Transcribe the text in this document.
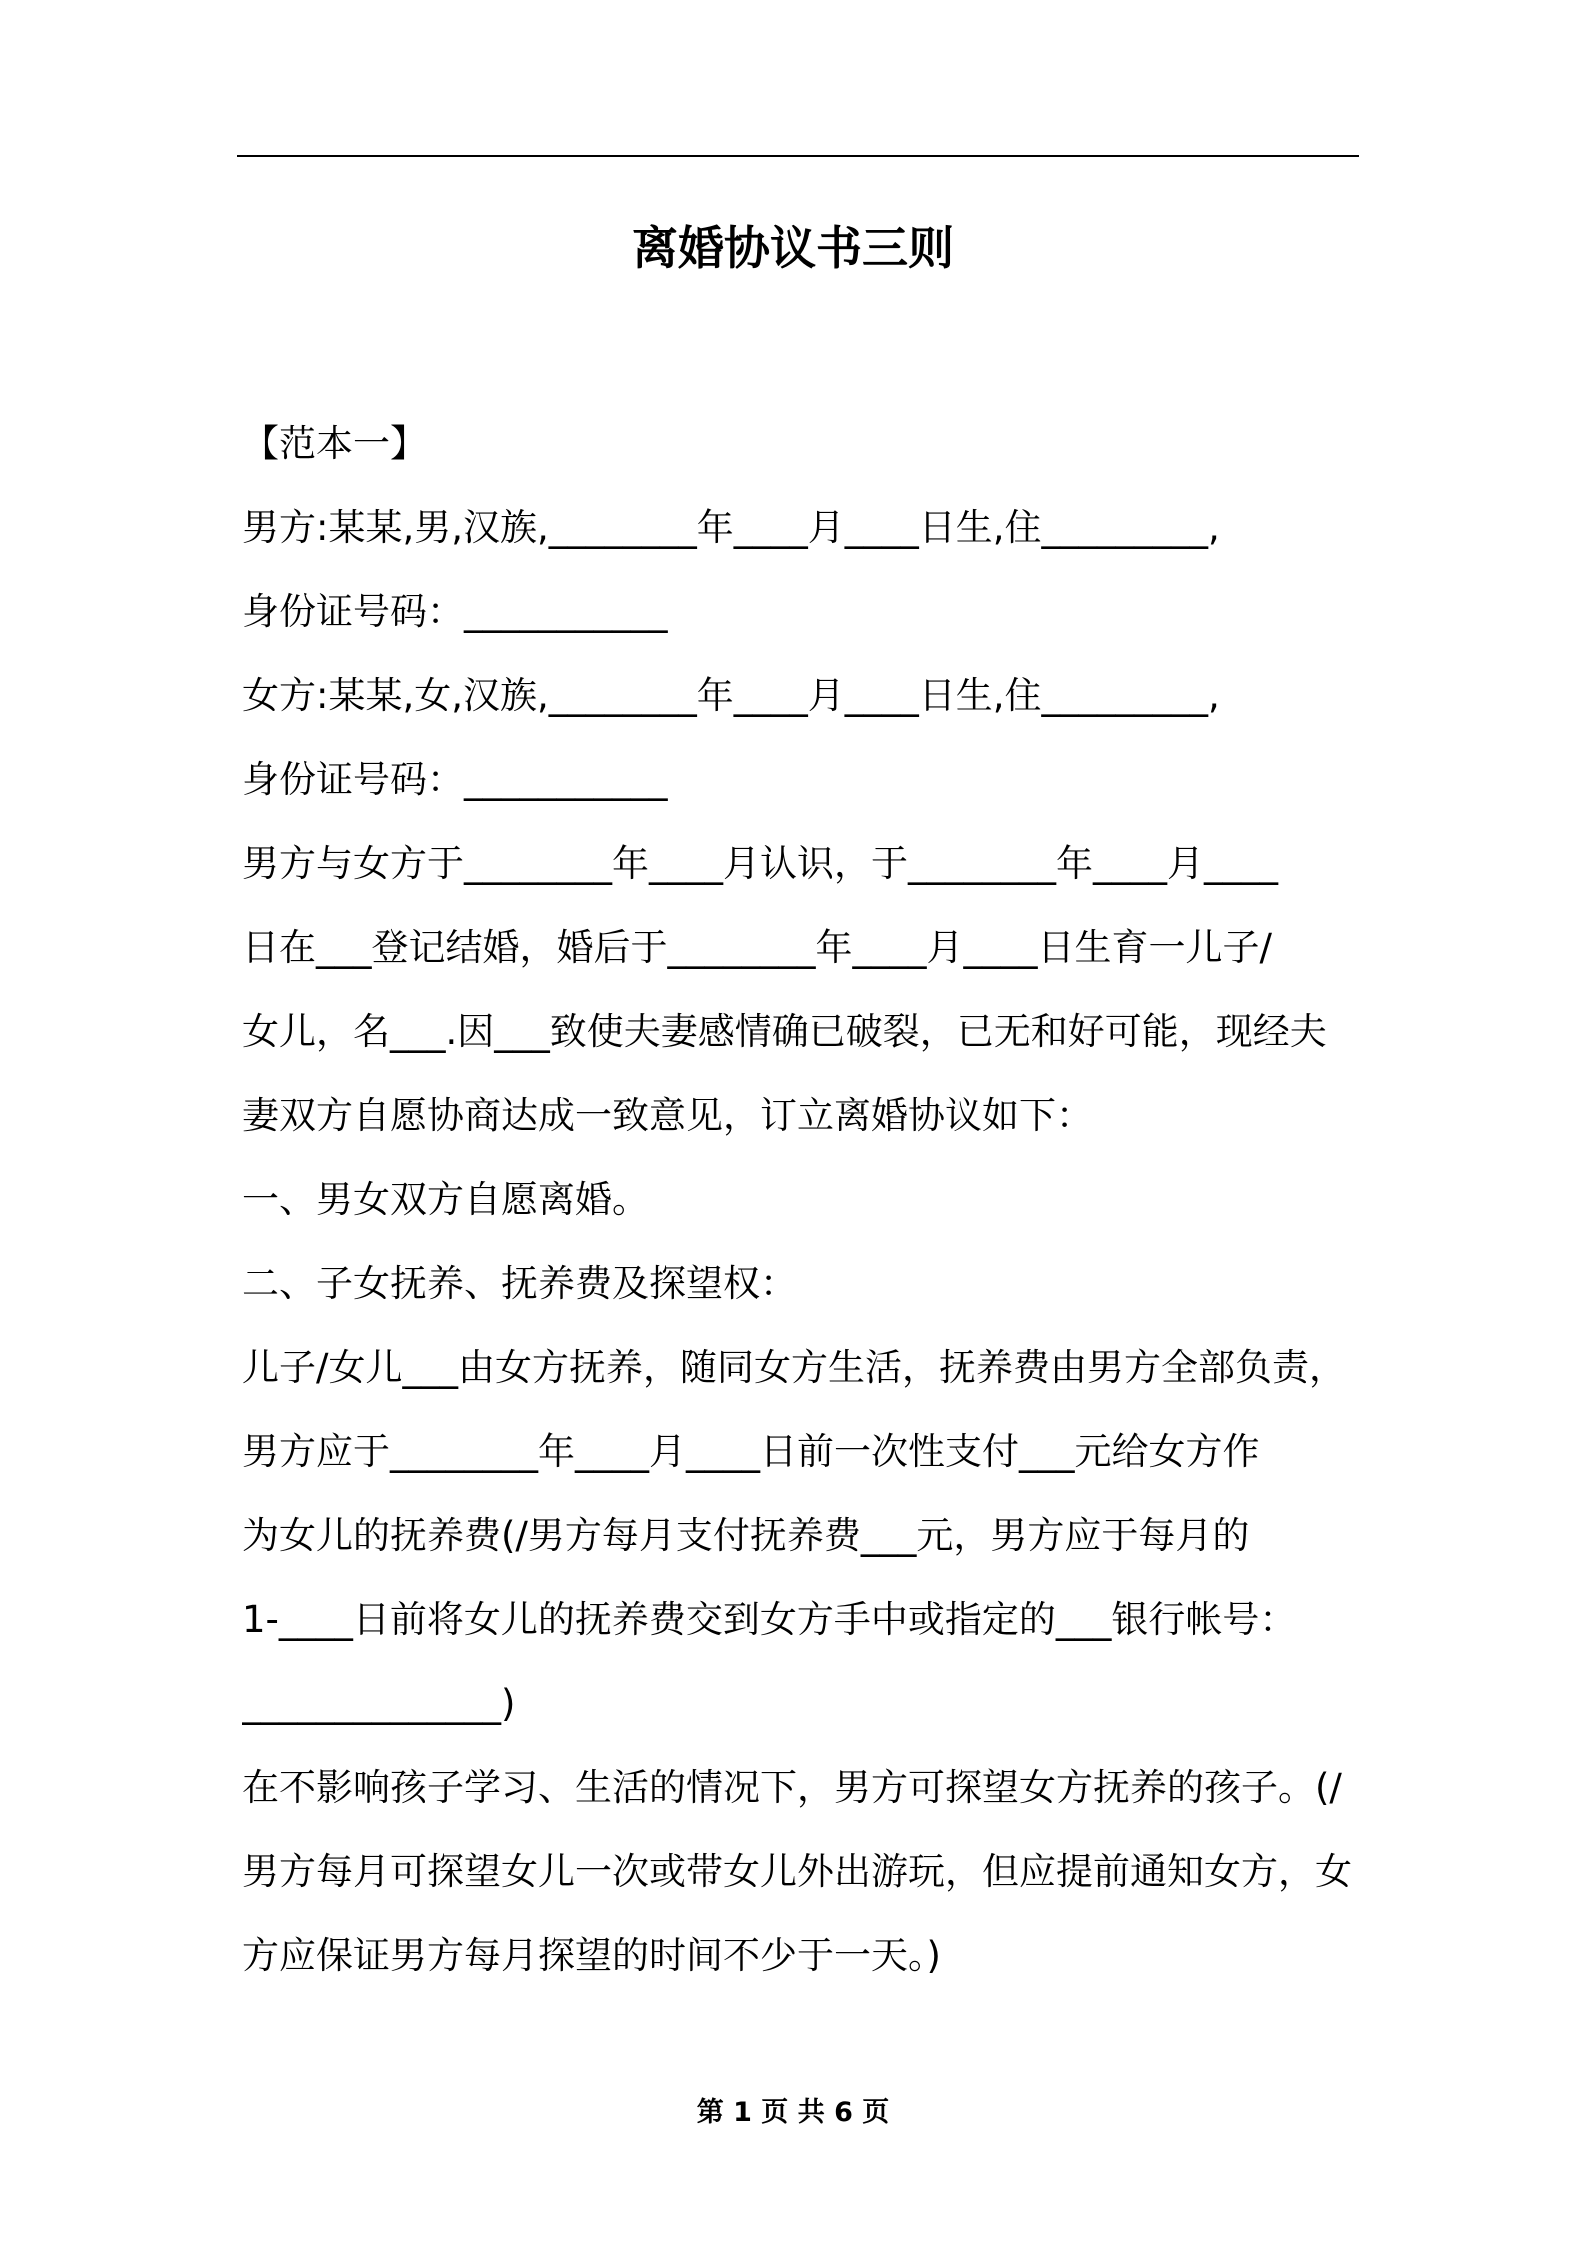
离婚协议书三则
【范本一】
男方:某某,男,汉族,________年____月____日生,住_________,
身份证号码：___________
女方:某某,女,汉族,________年____月____日生,住_________,
身份证号码：___________
男方与女方于________年____月认识，于________年____月____
日在___登记结婚，婚后于________年____月____日生育一儿子/
女儿，名___.因___致使夫妻感情确已破裂，已无和好可能，现经夫
妻双方自愿协商达成一致意见，订立离婚协议如下：
一、男女双方自愿离婚。
二、子女抚养、抚养费及探望权：
儿子/女儿___由女方抚养，随同女方生活，抚养费由男方全部负责，
男方应于________年____月____日前一次性支付___元给女方作
为女儿的抚养费(/男方每月支付抚养费___元，男方应于每月的
1-____日前将女儿的抚养费交到女方手中或指定的___银行帐号：
______________)
在不影响孩子学习、生活的情况下，男方可探望女方抚养的孩子。(/
男方每月可探望女儿一次或带女儿外出游玩，但应提前通知女方，女
方应保证男方每月探望的时间不少于一天。)
第 1 页 共 6 页
